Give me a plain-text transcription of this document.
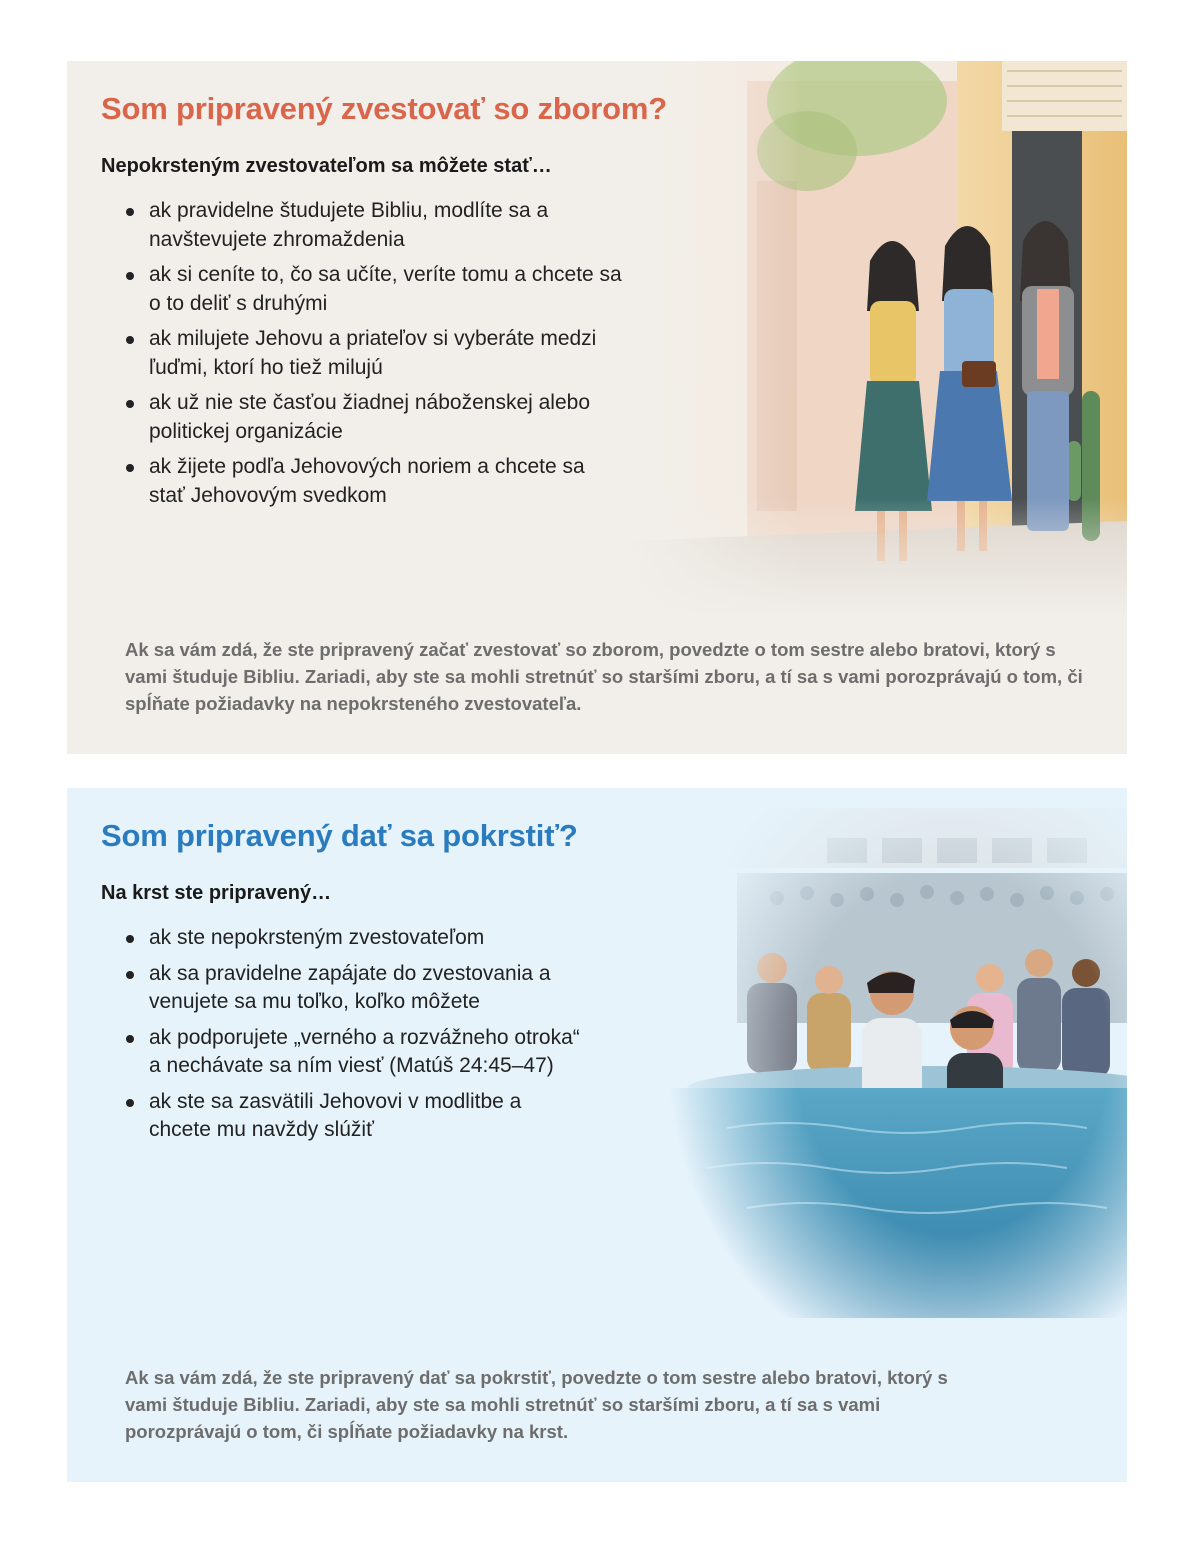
Som pripravený zvestovať so zborom?
Nepokrsteným zvestovateľom sa môžete stať…
ak pravidelne študujete Bibliu, modlíte sa a navštevujete zhromaždenia
ak si ceníte to, čo sa učíte, veríte tomu a chcete sa o to deliť s druhými
ak milujete Jehovu a priateľov si vyberáte medzi ľuďmi, ktorí ho tiež milujú
ak už nie ste časťou žiadnej náboženskej alebo politickej organizácie
ak žijete podľa Jehovových noriem a chcete sa stať Jehovovým svedkom

Ak sa vám zdá, že ste pripravený začať zvestovať so zborom, povedzte o tom sestre alebo bratovi, ktorý s vami študuje Bibliu. Zariadi, aby ste sa mohli stretnúť so staršími zboru, a tí sa s vami porozprávajú o tom, či spĺňate požiadavky na nepokrsteného zvestovateľa.

Som pripravený dať sa pokrstiť?
Na krst ste pripravený…
ak ste nepokrsteným zvestovateľom
ak sa pravidelne zapájate do zvestovania a venujete sa mu toľko, koľko môžete
ak podporujete „verného a rozvážneho otroka“ a nechávate sa ním viesť (Matúš 24:45–47)
ak ste sa zasvätili Jehovovi v modlitbe a chcete mu navždy slúžiť

Ak sa vám zdá, že ste pripravený dať sa pokrstiť, povedzte o tom sestre alebo bratovi, ktorý s vami študuje Bibliu. Zariadi, aby ste sa mohli stretnúť so staršími zboru, a tí sa s vami porozprávajú o tom, či spĺňate požiadavky na krst.
